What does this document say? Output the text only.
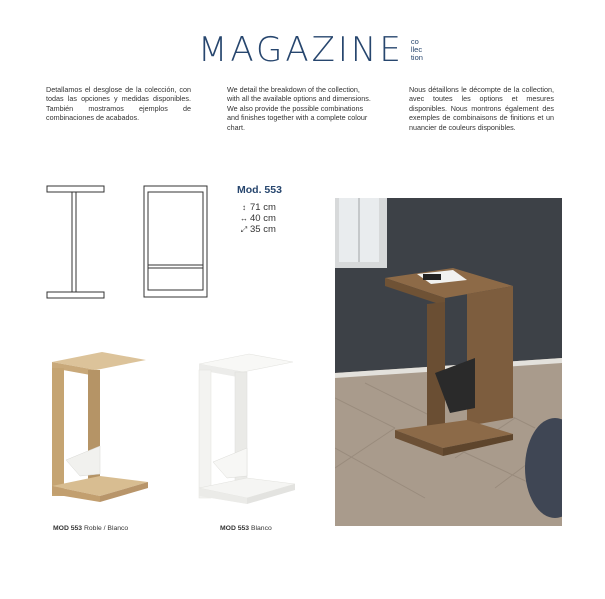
MAGAZINE co
llec
tion
Detallamos el desglose de la colección, con todas las opciones y medidas disponibles. También mostramos ejemplos de combinaciones de acabados.
We detail the breakdown of the collection, with all the available options and dimensions. We also provide the possible combinations and finishes together with a complete colour chart.
Nous détaillons le décompte de la collection, avec toutes les options et mesures disponibles. Nous montrons également des exemples de combinaisons de finitions et un nuancier de couleurs disponibles.
Mod. 553
↕ 71 cm
↔ 40 cm
⤢ 35 cm
MOD 553 Roble / Blanco	MOD 553 Blanco
